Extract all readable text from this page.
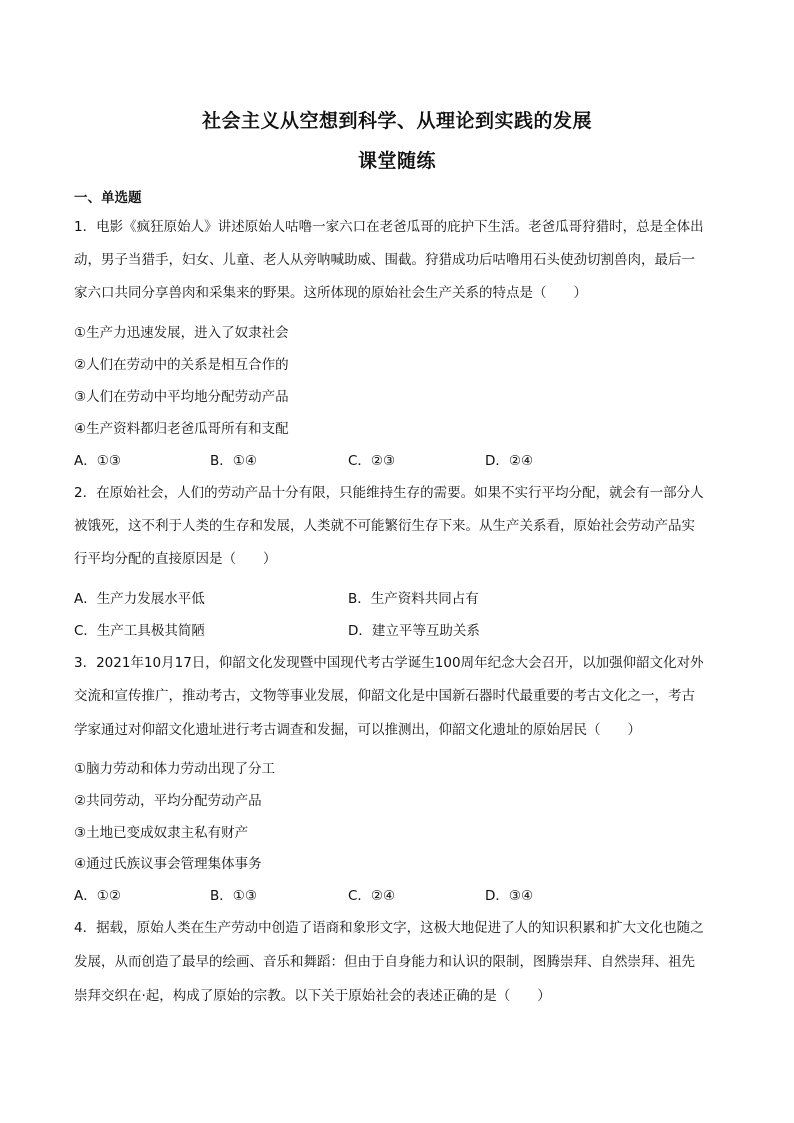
社会主义从空想到科学、从理论到实践的发展
课堂随练
一、单选题
1．电影《疯狂原始人》讲述原始人咕噜一家六口在老爸瓜哥的庇护下生活。老爸瓜哥狩猎时，总是全体出
动，男子当猎手，妇女、儿童、老人从旁呐喊助威、围截。狩猎成功后咕噜用石头使劲切割兽肉，最后一
家六口共同分享兽肉和采集来的野果。这所体现的原始社会生产关系的特点是（　　）
①生产力迅速发展，进入了奴隶社会
②人们在劳动中的关系是相互合作的
③人们在劳动中平均地分配劳动产品
④生产资料都归老爸瓜哥所有和支配
A．①③	B．①④	C．②③	D．②④
2．在原始社会，人们的劳动产品十分有限，只能维持生存的需要。如果不实行平均分配，就会有一部分人
被饿死，这不利于人类的生存和发展，人类就不可能繁衍生存下来。从生产关系看，原始社会劳动产品实
行平均分配的直接原因是（　　）
A．生产力发展水平低	B．生产资料共同占有
C．生产工具极其简陋	D．建立平等互助关系
3．2021年10月17日，仰韶文化发现暨中国现代考古学诞生100周年纪念大会召开，以加强仰韶文化对外
交流和宣传推广，推动考古，文物等事业发展，仰韶文化是中国新石器时代最重要的考古文化之一，考古
学家通过对仰韶文化遗址进行考古调查和发掘，可以推测出，仰韶文化遗址的原始居民（　　）
①脑力劳动和体力劳动出现了分工
②共同劳动，平均分配劳动产品
③土地已变成奴隶主私有财产
④通过氏族议事会管理集体事务
A．①②	B．①③	C．②④	D．③④
4．据载，原始人类在生产劳动中创造了语商和象形文字，这极大地促进了人的知识积累和扩大文化也随之
发展，从而创造了最早的绘画、音乐和舞蹈：但由于自身能力和认识的限制，图腾崇拜、自然崇拜、祖先
崇拜交织在·起，构成了原始的宗教。以下关于原始社会的表述正确的是（　　）
